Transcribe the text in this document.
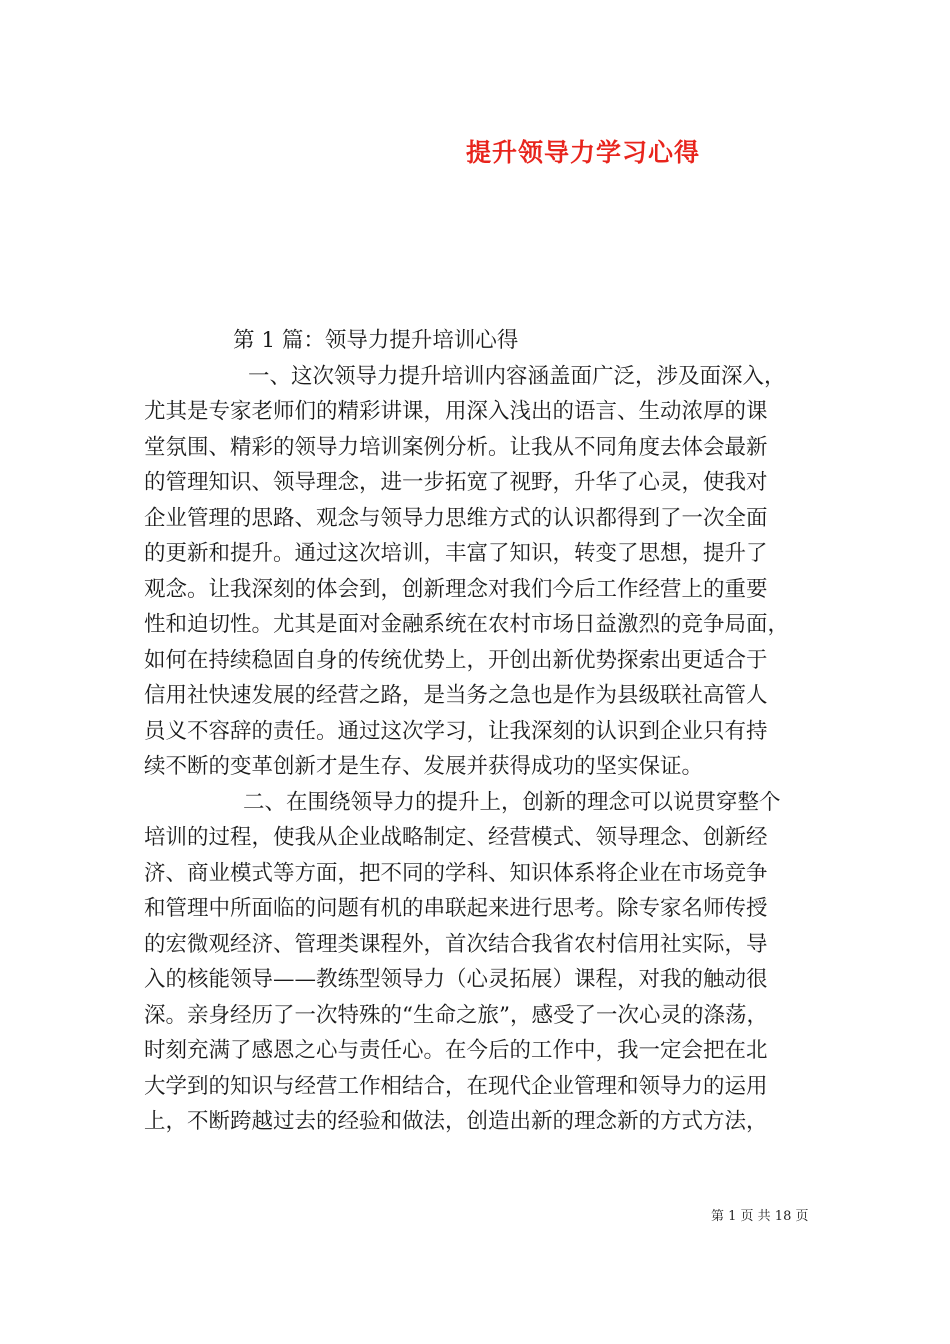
提升领导力学习心得
第 1 篇：领导力提升培训心得
一、这次领导力提升培训内容涵盖面广泛，涉及面深入，
尤其是专家老师们的精彩讲课，用深入浅出的语言、生动浓厚的课
堂氛围、精彩的领导力培训案例分析。让我从不同角度去体会最新
的管理知识、领导理念，进一步拓宽了视野，升华了心灵，使我对
企业管理的思路、观念与领导力思维方式的认识都得到了一次全面
的更新和提升。通过这次培训，丰富了知识，转变了思想，提升了
观念。让我深刻的体会到，创新理念对我们今后工作经营上的重要
性和迫切性。尤其是面对金融系统在农村市场日益激烈的竞争局面，
如何在持续稳固自身的传统优势上，开创出新优势探索出更适合于
信用社快速发展的经营之路，是当务之急也是作为县级联社高管人
员义不容辞的责任。通过这次学习，让我深刻的认识到企业只有持
续不断的变革创新才是生存、发展并获得成功的坚实保证。
二、在围绕领导力的提升上，创新的理念可以说贯穿整个
培训的过程，使我从企业战略制定、经营模式、领导理念、创新经
济、商业模式等方面，把不同的学科、知识体系将企业在市场竞争
和管理中所面临的问题有机的串联起来进行思考。除专家名师传授
的宏微观经济、管理类课程外，首次结合我省农村信用社实际，导
入的核能领导——教练型领导力（心灵拓展）课程，对我的触动很
深。亲身经历了一次特殊的“生命之旅”，感受了一次心灵的涤荡，
时刻充满了感恩之心与责任心。在今后的工作中，我一定会把在北
大学到的知识与经营工作相结合，在现代企业管理和领导力的运用
上，不断跨越过去的经验和做法，创造出新的理念新的方式方法，
第 1 页 共 18 页
